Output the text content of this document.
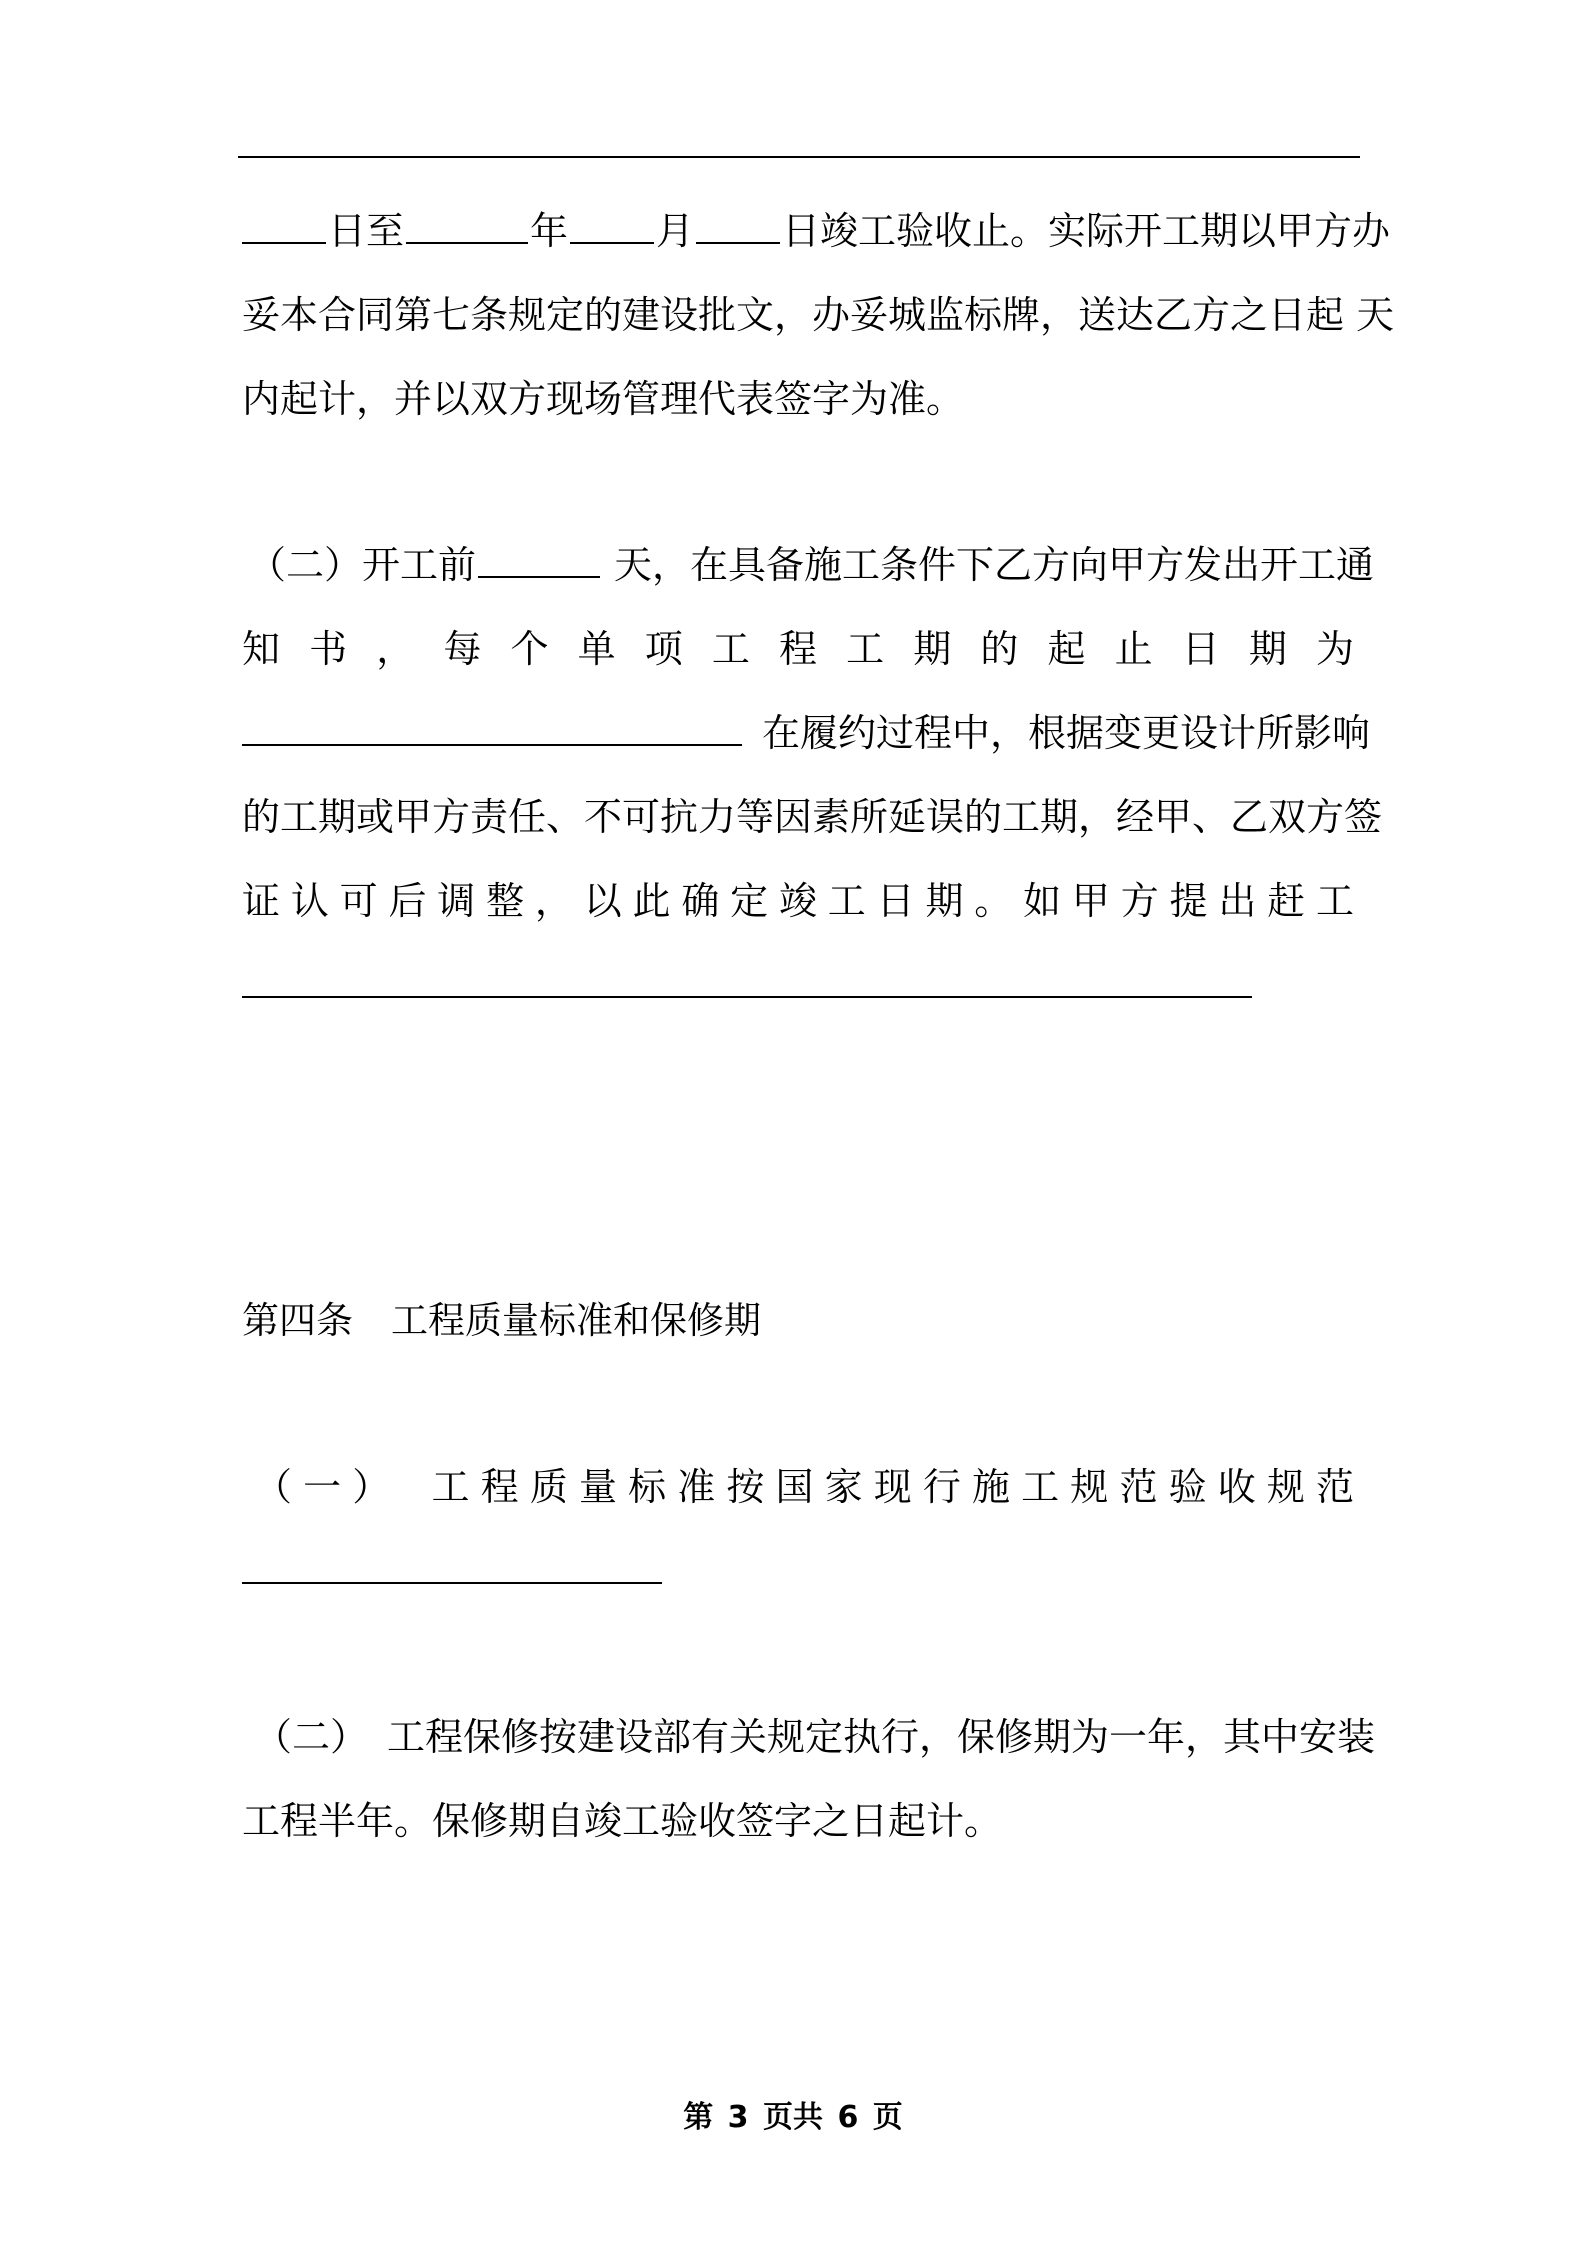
日至	年 月 日竣工验收止。实际开工期以甲方办
妥本合同第七条规定的建设批文，办妥城监标牌，送达乙方之日起 天
内起计，并以双方现场管理代表签字为准。
（二）开工前	天，在具备施工条件下乙方向甲方发出开工通
知书，每个单项工程工期的起止日期为
在履约过程中，根据变更设计所影响
的工期或甲方责任、不可抗力等因素所延误的工期，经甲、乙双方签
证认可后调整，以此确定竣工日期。如甲方提出赶工
第四条 工程质量标准和保修期
（一）　工程质量标准按国家现行施工规范验收规范
（二）　工程保修按建设部有关规定执行，保修期为一年，其中安装
工程半年。保修期自竣工验收签字之日起计。
第 3 页共 6 页
